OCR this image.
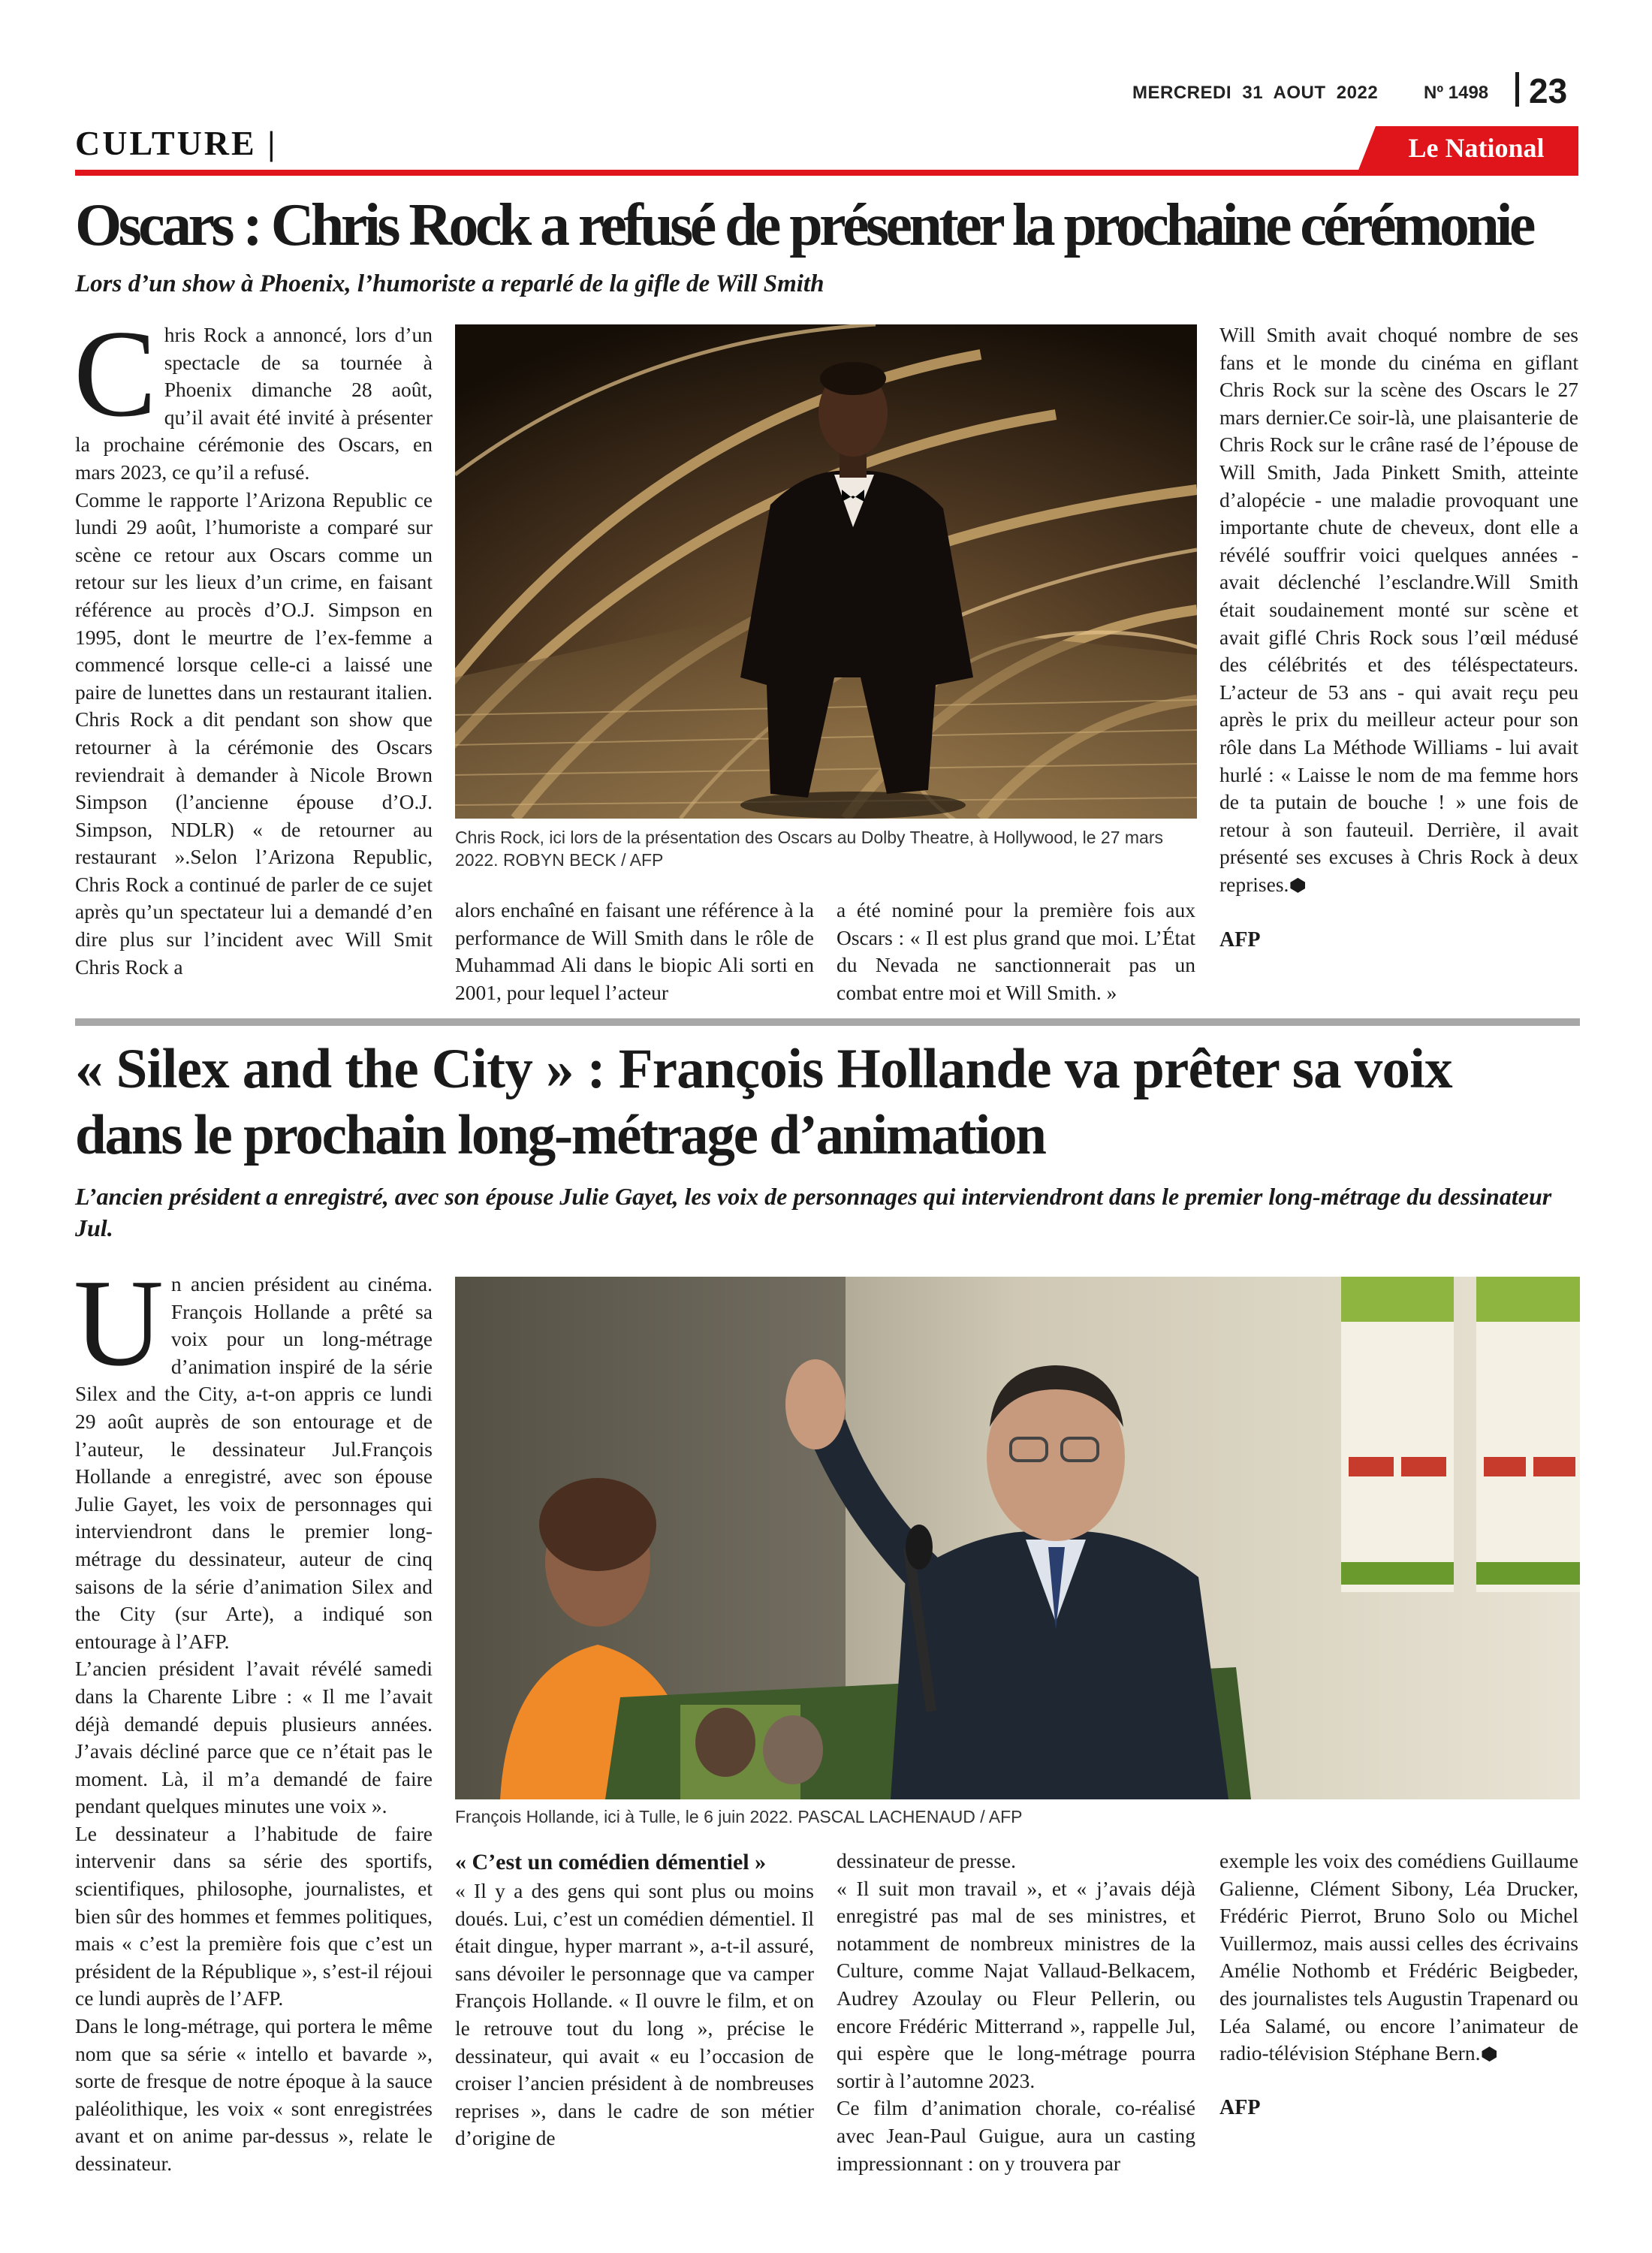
MERCREDI  31  AOUT  2022	Nº 1498 23
CULTURE |	Le National
Oscars : Chris Rock a refusé de présenter la prochaine cérémonie
Lors d’un show à Phoenix, l’humoriste a reparlé de la gifle de Will Smith

Chris Rock a annoncé, lors d’un spectacle de sa tournée à Phoenix dimanche 28 août, qu’il avait été invité à présenter la prochaine cérémonie des Oscars, en mars 2023, ce qu’il a refusé.

Comme le rapporte l’Arizona Republic ce lundi 29 août, l’humoriste a comparé sur scène ce retour aux Oscars comme un retour sur les lieux d’un crime, en faisant référence au procès d’O.J. Simpson en 1995, dont le meurtre de l’ex-femme a commencé lorsque celle-ci a laissé une paire de lunettes dans un restaurant italien. Chris Rock a dit pendant son show que retourner à la cérémonie des Oscars reviendrait à demander à Nicole Brown Simpson (l’ancienne épouse d’O.J. Simpson, NDLR) « de retourner au restaurant ».Selon l’Arizona Republic, Chris Rock a continué de parler de ce sujet après qu’un spectateur lui a demandé d’en dire plus sur l’incident avec Will Smit Chris Rock a

Chris Rock, ici lors de la présentation des Oscars au Dolby Theatre, à Hollywood, le 27 mars 2022. ROBYN BECK / AFP

alors enchaîné en faisant une référence à la performance de Will Smith dans le rôle de Muhammad Ali dans le biopic Ali sorti en 2001, pour lequel l’acteur

a été nominé pour la première fois aux Oscars : « Il est plus grand que moi. L’État du Nevada ne sanctionnerait pas un combat entre moi et Will Smith. »

Will Smith avait choqué nombre de ses fans et le monde du cinéma en giflant Chris Rock sur la scène des Oscars le 27 mars dernier.Ce soir-là, une plaisanterie de Chris Rock sur le crâne rasé de l’épouse de Will Smith, Jada Pinkett Smith, atteinte d’alopécie - une maladie provoquant une importante chute de cheveux, dont elle a révélé souffrir voici quelques années - avait déclenché l’esclandre.Will Smith était soudainement monté sur scène et avait giflé Chris Rock sous l’œil médusé des célébrités et des téléspectateurs. L’acteur de 53 ans - qui avait reçu peu après le prix du meilleur acteur pour son rôle dans La Méthode Williams - lui avait hurlé : « Laisse le nom de ma femme hors de ta putain de bouche ! » une fois de retour à son fauteuil. Derrière, il avait présenté ses excuses à Chris Rock à deux reprises.

AFP

« Silex and the City » : François Hollande va prêter sa voix
dans le prochain long-métrage d’animation
L’ancien président a enregistré, avec son épouse Julie Gayet, les voix de personnages qui interviendront dans le premier long-métrage du dessinateur Jul.

Un ancien président au cinéma. François Hollande a prêté sa voix pour un long-métrage d’animation inspiré de la série Silex and the City, a-t-on appris ce lundi 29 août auprès de son entourage et de l’auteur, le dessinateur Jul.François Hollande a enregistré, avec son épouse Julie Gayet, les voix de personnages qui interviendront dans le premier long-métrage du dessinateur, auteur de cinq saisons de la série d’animation Silex and the City (sur Arte), a indiqué son entourage à l’AFP.

L’ancien président l’avait révélé samedi dans la Charente Libre : « Il me l’avait déjà demandé depuis plusieurs années. J’avais décliné parce que ce n’était pas le moment. Là, il m’a demandé de faire pendant quelques minutes une voix ».

Le dessinateur a l’habitude de faire intervenir dans sa série des sportifs, scientifiques, philosophe, journalistes, et bien sûr des hommes et femmes politiques, mais « c’est la première fois que c’est un président de la République », s’est-il réjoui ce lundi auprès de l’AFP.

Dans le long-métrage, qui portera le même nom que sa série « intello et bavarde », sorte de fresque de notre époque à la sauce paléolithique, les voix « sont enregistrées avant et on anime par-dessus », relate le dessinateur.

François Hollande, ici à Tulle, le 6 juin 2022. PASCAL LACHENAUD / AFP

« C’est un comédien démentiel »

« Il y a des gens qui sont plus ou moins doués. Lui, c’est un comédien démentiel. Il était dingue, hyper marrant », a-t-il assuré, sans dévoiler le personnage que va camper François Hollande. « Il ouvre le film, et on le retrouve tout du long », précise le dessinateur, qui avait « eu l’occasion de croiser l’ancien président à de nombreuses reprises », dans le cadre de son métier d’origine de

dessinateur de presse.

« Il suit mon travail », et « j’avais déjà enregistré pas mal de ses ministres, et notamment de nombreux ministres de la Culture, comme Najat Vallaud-Belkacem, Audrey Azoulay ou Fleur Pellerin, ou encore Frédéric Mitterrand », rappelle Jul, qui espère que le long-métrage pourra sortir à l’automne 2023.

Ce film d’animation chorale, co-réalisé avec Jean-Paul Guigue, aura un casting impressionnant : on y trouvera par

exemple les voix des comédiens Guillaume Galienne, Clément Sibony, Léa Drucker, Frédéric Pierrot, Bruno Solo ou Michel Vuillermoz, mais aussi celles des écrivains Amélie Nothomb et Frédéric Beigbeder, des journalistes tels Augustin Trapenard ou Léa Salamé, ou encore l’animateur de radio-télévision Stéphane Bern.

AFP
